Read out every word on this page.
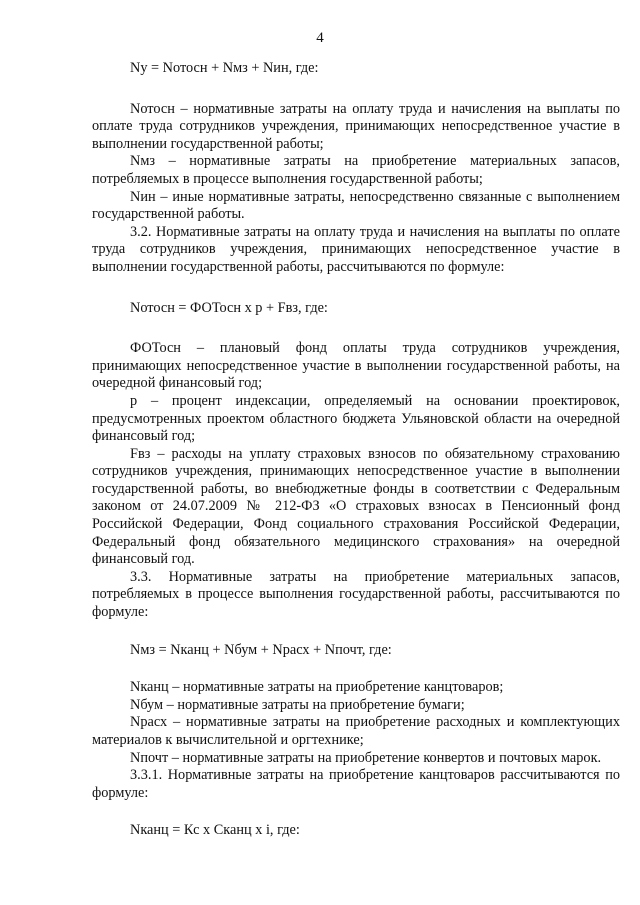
4

Nу = Nотосн + Nмз + Nин, где:

Nотосн – нормативные затраты на оплату труда и начисления на выплаты по оплате труда сотрудников учреждения, принимающих непосредственное участие в выполнении государственной работы;

Nмз – нормативные затраты на приобретение материальных запасов, потребляемых в процессе выполнения государственной работы;

Nин – иные нормативные затраты, непосредственно связанные с выполнением государственной работы.

3.2. Нормативные затраты на оплату труда и начисления на выплаты по оплате труда сотрудников учреждения, принимающих непосредственное участие в выполнении государственной работы, рассчитываются по формуле:

Nотосн = ФОТосн х р + Fвз, где:

ФОТосн – плановый фонд оплаты труда сотрудников учреждения, принимающих непосредственное участие в выполнении государственной работы, на очередной финансовый год;

р – процент индексации, определяемый на основании проектировок, предусмотренных проектом областного бюджета Ульяновской области на очередной финансовый год;

Fвз – расходы на уплату страховых взносов по обязательному страхованию сотрудников учреждения, принимающих непосредственное участие в выполнении государственной работы, во внебюджетные фонды в соответствии с Федеральным законом от 24.07.2009 № 212-ФЗ «О страховых взносах в Пенсионный фонд Российской Федерации, Фонд социального страхования Российской Федерации, Федеральный фонд обязательного медицинского страхования» на очередной финансовый год.

3.3. Нормативные затраты на приобретение материальных запасов, потребляемых в процессе выполнения государственной работы, рассчитываются по формуле:

Nмз = Nканц + Nбум + Nрасх + Nпочт, где:

Nканц – нормативные затраты на приобретение канцтоваров;

Nбум – нормативные затраты на приобретение бумаги;

Nрасх – нормативные затраты на приобретение расходных и комплектующих материалов к вычислительной и оргтехнике;

Nпочт – нормативные затраты на приобретение конвертов и почтовых марок.

3.3.1. Нормативные затраты на приобретение канцтоваров рассчитываются по формуле:

Nканц = Кс х Сканц х i, где:
